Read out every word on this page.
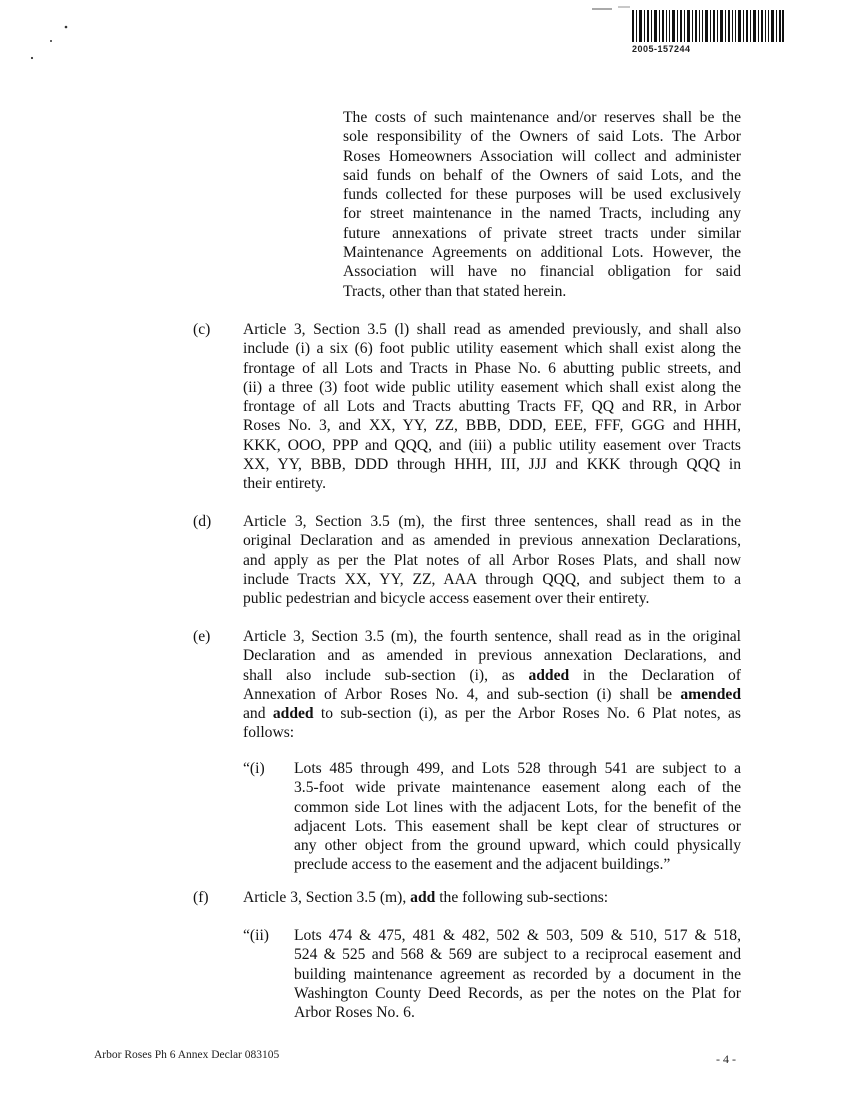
2005-157244
The costs of such maintenance and/or reserves shall be the
sole responsibility of the Owners of said Lots. The Arbor
Roses Homeowners Association will collect and administer
said funds on behalf of the Owners of said Lots, and the
funds collected for these purposes will be used exclusively
for street maintenance in the named Tracts, including any
future annexations of private street tracts under similar
Maintenance Agreements on additional Lots. However, the
Association will have no financial obligation for said
Tracts, other than that stated herein.
(c) Article 3, Section 3.5 (l) shall read as amended previously, and shall also
include (i) a six (6) foot public utility easement which shall exist along the
frontage of all Lots and Tracts in Phase No. 6 abutting public streets, and
(ii) a three (3) foot wide public utility easement which shall exist along the
frontage of all Lots and Tracts abutting Tracts FF, QQ and RR, in Arbor
Roses No. 3, and XX, YY, ZZ, BBB, DDD, EEE, FFF, GGG and HHH,
KKK, OOO, PPP and QQQ, and (iii) a public utility easement over Tracts
XX, YY, BBB, DDD through HHH, III, JJJ and KKK through QQQ in
their entirety.
(d) Article 3, Section 3.5 (m), the first three sentences, shall read as in the
original Declaration and as amended in previous annexation Declarations,
and apply as per the Plat notes of all Arbor Roses Plats, and shall now
include Tracts XX, YY, ZZ, AAA through QQQ, and subject them to a
public pedestrian and bicycle access easement over their entirety.
(e) Article 3, Section 3.5 (m), the fourth sentence, shall read as in the original
Declaration and as amended in previous annexation Declarations, and
shall also include sub-section (i), as added in the Declaration of
Annexation of Arbor Roses No. 4, and sub-section (i) shall be amended
and added to sub-section (i), as per the Arbor Roses No. 6 Plat notes, as
follows:
“(i) Lots 485 through 499, and Lots 528 through 541 are subject to a
3.5-foot wide private maintenance easement along each of the
common side Lot lines with the adjacent Lots, for the benefit of the
adjacent Lots. This easement shall be kept clear of structures or
any other object from the ground upward, which could physically
preclude access to the easement and the adjacent buildings.”
(f) Article 3, Section 3.5 (m), add the following sub-sections:
“(ii) Lots 474 & 475, 481 & 482, 502 & 503, 509 & 510, 517 & 518,
524 & 525 and 568 & 569 are subject to a reciprocal easement and
building maintenance agreement as recorded by a document in the
Washington County Deed Records, as per the notes on the Plat for
Arbor Roses No. 6.
Arbor Roses Ph 6 Annex Declar 083105	- 4 -
